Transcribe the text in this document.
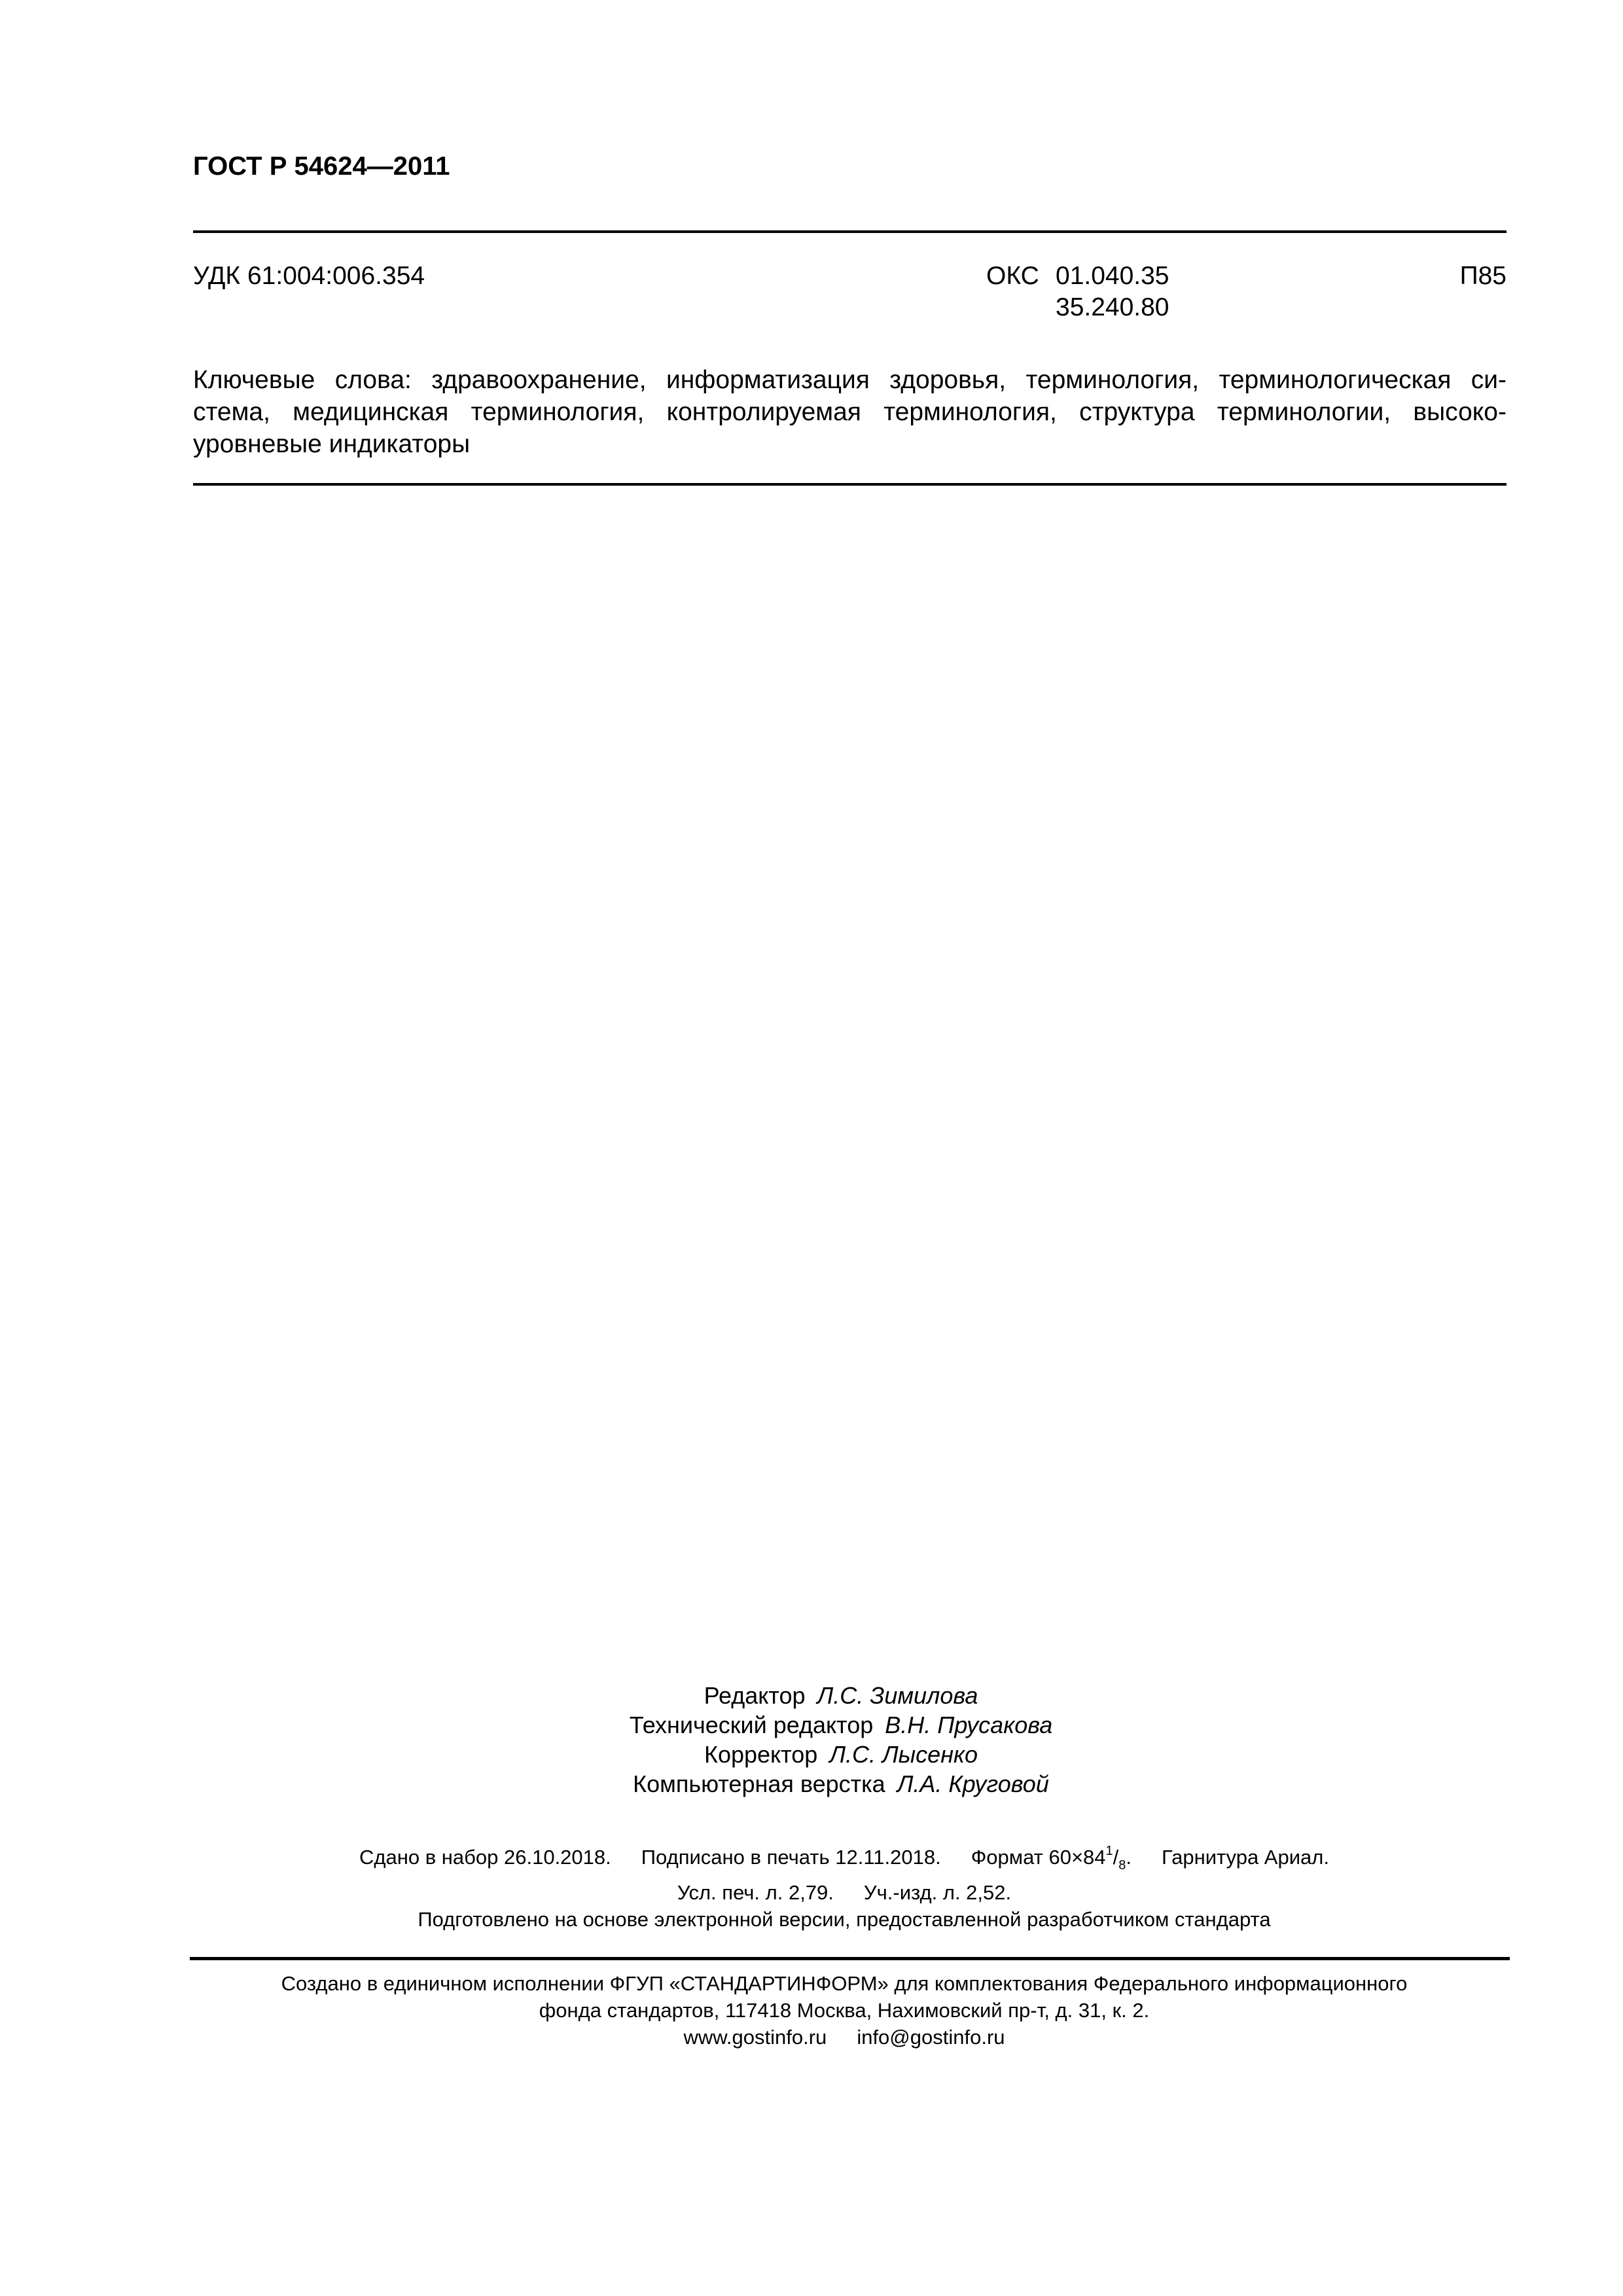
ГОСТ Р 54624—2011
УДК 61:004:006.354	ОКС 01.040.35
35.240.80
П85
Ключевые слова: здравоохранение, информатизация здоровья, терминология, терминологическая си-
стема, медицинская терминология, контролируемая терминология, структура терминологии, высоко-
уровневые индикаторы
Редактор Л.С. Зимилова
Технический редактор В.Н. Прусакова
Корректор Л.С. Лысенко
Компьютерная верстка Л.А. Круговой
Сдано в набор 26.10.2018. Подписано в печать 12.11.2018. Формат $60\times 84^1/_8$. Гарнитура Ариал.
Усл. печ. л. 2,79. Уч.-изд. л. 2,52.
Подготовлено на основе электронной версии, предоставленной разработчиком стандарта
Создано в единичном исполнении ФГУП «СТАНДАРТИНФОРМ» для комплектования Федерального информационного
фонда стандартов, 117418 Москва, Нахимовский пр-т, д. 31, к. 2.
www.gostinfo.ru info@gostinfo.ru
